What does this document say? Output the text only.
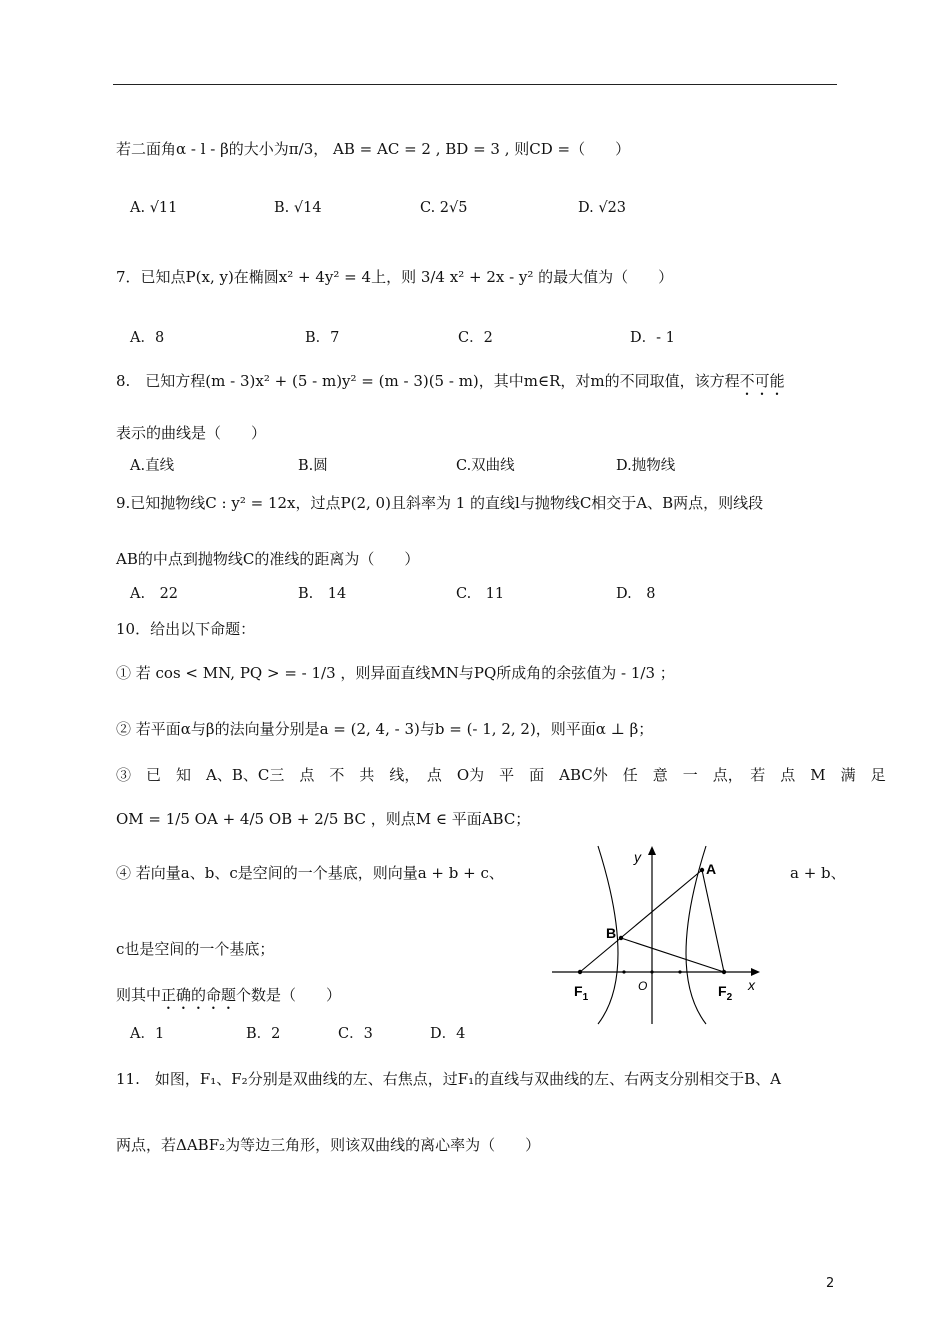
若二面角α - l - β的大小为π/3， AB = AC = 2 , BD = 3 , 则CD =（　　）
A. √11	B. √14	C. 2√5	D. √23
7．已知点P(x, y)在椭圆x² + 4y² = 4上，则 3/4 x² + 2x - y² 的最大值为（　　）
A．8	B．7	C．2	D．- 1
8.　已知方程(m - 3)x² + (5 - m)y² = (m - 3)(5 - m)，其中m∈R，对m的不同取值，该方程不可能
表示的曲线是（　　）
A.直线	B.圆	C.双曲线	D.抛物线
9.已知抛物线C : y² = 12x，过点P(2, 0)且斜率为 1 的直线l与抛物线C相交于A、B两点，则线段
AB的中点到抛物线C的准线的距离为（　　）
A.　22	B.　14	C.　11	D.　8
10．给出以下命题：
① 若 cos < MN, PQ > = - 1/3 ，则异面直线MN与PQ所成角的余弦值为 - 1/3 ；
② 若平面α与β的法向量分别是a = (2, 4, - 3)与b = (- 1, 2, 2)，则平面α ⊥ β；
③　已　知　A、B、C三　点　不　共　线，　点　O为　平　面　ABC外　任　意　一　点，　若　点　M　满　足
OM = 1/5 OA + 4/5 OB + 2/5 BC ，则点M ∈ 平面ABC；
④ 若向量a、b、c是空间的一个基底，则向量a + b + c、	a + b、
c也是空间的一个基底；
则其中正确的命题个数是（　　）
A．1	B．2	C．3	D．4
11.　如图，F₁、F₂分别是双曲线的左、右焦点，过F₁的直线与双曲线的左、右两支分别相交于B、A
两点，若ΔABF₂为等边三角形，则该双曲线的离心率为（　　）
y
x
O
A
B
$F_1$	$F_2$
2
